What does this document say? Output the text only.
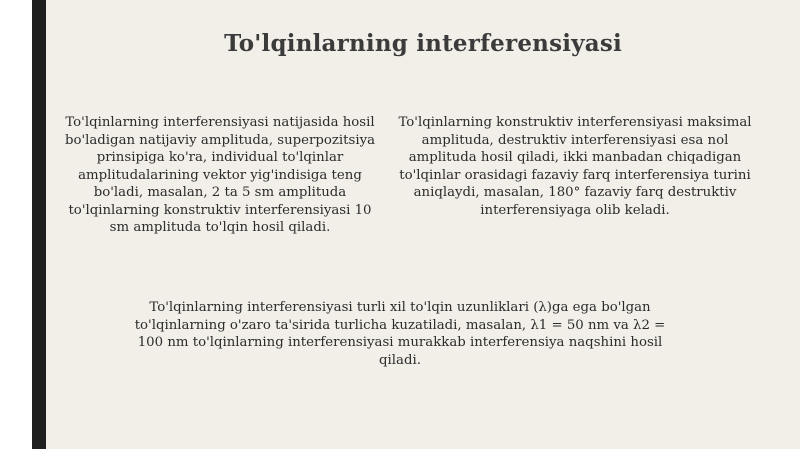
To'lqinlarning interferensiyasi
To'lqinlarning interferensiyasi natijasida hosil bo'ladigan natijaviy amplituda, superpozitsiya prinsipiga ko'ra, individual to'lqinlar amplitudalarining vektor yig'indisiga teng bo'ladi, masalan, 2 ta 5 sm amplituda to'lqinlarning konstruktiv interferensiyasi 10 sm amplituda to'lqin hosil qiladi.
To'lqinlarning konstruktiv interferensiyasi maksimal amplituda, destruktiv interferensiyasi esa nol amplituda hosil qiladi, ikki manbadan chiqadigan to'lqinlar orasidagi fazaviy farq interferensiya turini aniqlaydi, masalan, 180° fazaviy farq destruktiv interferensiyaga olib keladi.
To'lqinlarning interferensiyasi turli xil to'lqin uzunliklari (λ)ga ega bo'lgan to'lqinlarning o'zaro ta'sirida turlicha kuzatiladi, masalan, λ1 = 50 nm va λ2 = 100 nm to'lqinlarning interferensiyasi murakkab interferensiya naqshini hosil qiladi.
